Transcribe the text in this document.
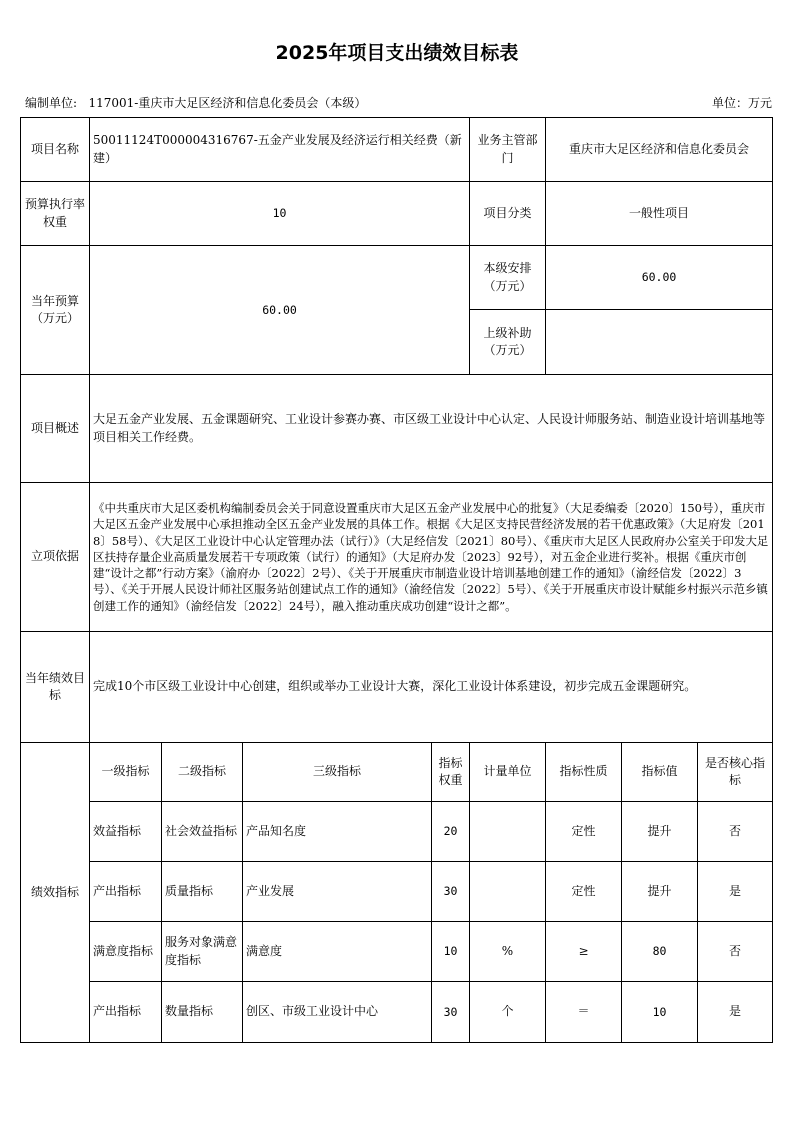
2025年项目支出绩效目标表
编制单位: 117001-重庆市大足区经济和信息化委员会（本级）	单位：万元
项目名称	50011124T000004316767-五金产业发展及经济运行相关经费（新建）				业务主管部门	重庆市大足区经济和信息化委员会		
预算执行率权重	10				项目分类	一般性项目		
当年预算（万元）	60.00				本级安排（万元）	60.00		
					上级补助（万元）			
项目概述	大足五金产业发展、五金课题研究、工业设计参赛办赛、市区级工业设计中心认定、人民设计师服务站、制造业设计培训基地等项目相关工作经费。							
立项依据	《中共重庆市大足区委机构编制委员会关于同意设置重庆市大足区五金产业发展中心的批复》（大足委编委〔2020〕150号），重庆市大足区五金产业发展中心承担推动全区五金产业发展的具体工作。根据《大足区支持民营经济发展的若干优惠政策》（大足府发〔2018〕58号）、《大足区工业设计中心认定管理办法（试行）》（大足经信发〔2021〕80号）、《重庆市大足区人民政府办公室关于印发大足区扶持存量企业高质量发展若干专项政策（试行）的通知》（大足府办发〔2023〕92号），对五金企业进行奖补。根据《重庆市创建“设计之都”行动方案》（渝府办〔2022〕2号）、《关于开展重庆市制造业设计培训基地创建工作的通知》（渝经信发〔2022〕3号）、《关于开展人民设计师社区服务站创建试点工作的通知》（渝经信发〔2022〕5号）、《关于开展重庆市设计赋能乡村振兴示范乡镇创建工作的通知》（渝经信发〔2022〕24号），融入推动重庆成功创建“设计之都”。							
当年绩效目标	完成10个市区级工业设计中心创建，组织或举办工业设计大赛，深化工业设计体系建设，初步完成五金课题研究。							
绩效指标	一级指标	二级指标	三级指标	指标权重	计量单位	指标性质	指标值	是否核心指标
	效益指标	社会效益指标	产品知名度	20		定性	提升	否
	产出指标	质量指标	产业发展	30		定性	提升	是
	满意度指标	服务对象满意度指标	满意度	10	%	≥	80	否
	产出指标	数量指标	创区、市级工业设计中心	30	个	＝	10	是
